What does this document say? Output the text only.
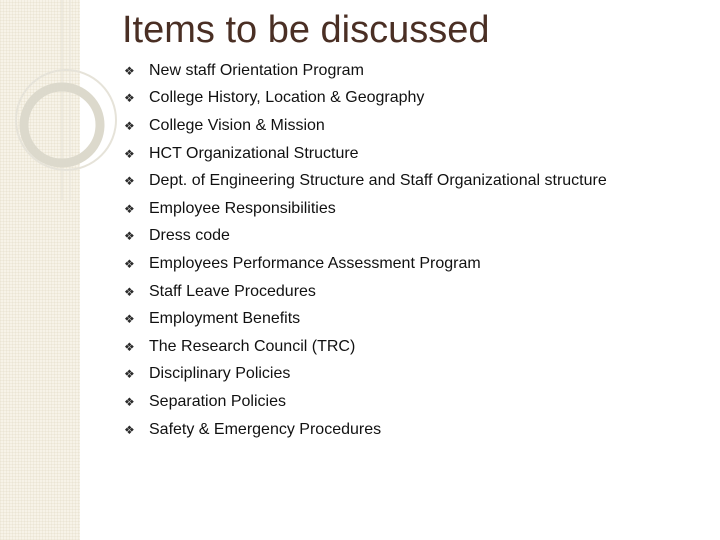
Items to be discussed
❖ New staff Orientation Program
❖ College History, Location & Geography
❖ College Vision & Mission
❖ HCT Organizational Structure
❖ Dept. of Engineering Structure and Staff Organizational structure
❖ Employee Responsibilities
❖ Dress code
❖ Employees Performance Assessment Program
❖ Staff Leave Procedures
❖ Employment Benefits
❖ The Research Council (TRC)
❖ Disciplinary Policies
❖ Separation Policies
❖ Safety & Emergency Procedures
